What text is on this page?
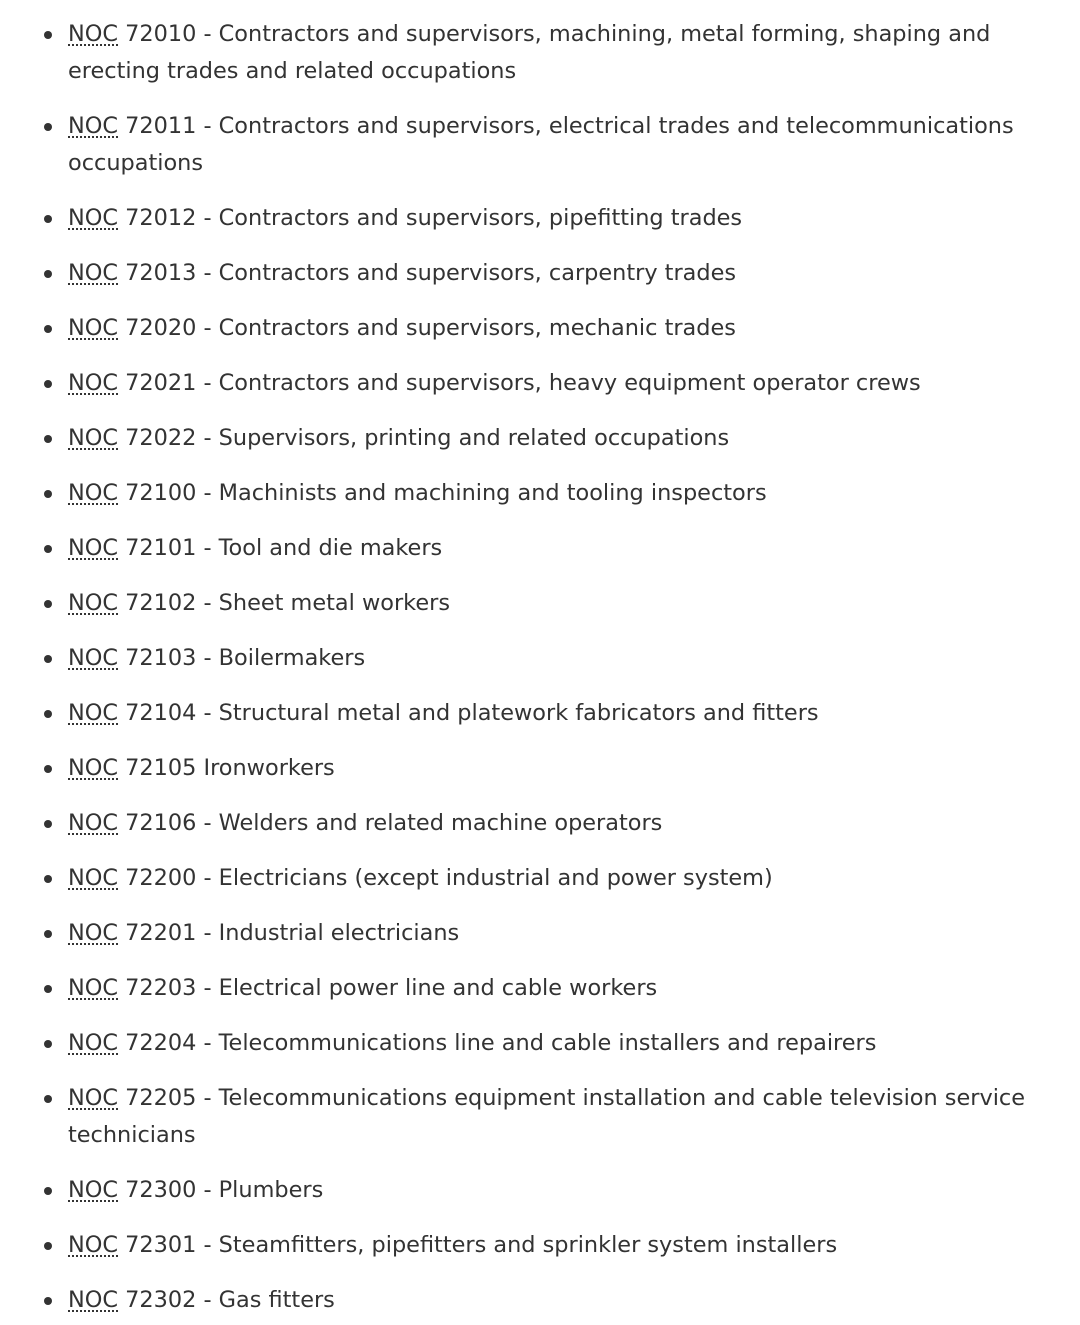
NOC 72010 - Contractors and supervisors, machining, metal forming, shaping and erecting trades and related occupations
NOC 72011 - Contractors and supervisors, electrical trades and telecommunications occupations
NOC 72012 - Contractors and supervisors, pipefitting trades
NOC 72013 - Contractors and supervisors, carpentry trades
NOC 72020 - Contractors and supervisors, mechanic trades
NOC 72021 - Contractors and supervisors, heavy equipment operator crews
NOC 72022 - Supervisors, printing and related occupations
NOC 72100 - Machinists and machining and tooling inspectors
NOC 72101 - Tool and die makers
NOC 72102 - Sheet metal workers
NOC 72103 - Boilermakers
NOC 72104 - Structural metal and platework fabricators and fitters
NOC 72105 Ironworkers
NOC 72106 - Welders and related machine operators
NOC 72200 - Electricians (except industrial and power system)
NOC 72201 - Industrial electricians
NOC 72203 - Electrical power line and cable workers
NOC 72204 - Telecommunications line and cable installers and repairers
NOC 72205 - Telecommunications equipment installation and cable television service technicians
NOC 72300 - Plumbers
NOC 72301 - Steamfitters, pipefitters and sprinkler system installers
NOC 72302 - Gas fitters
